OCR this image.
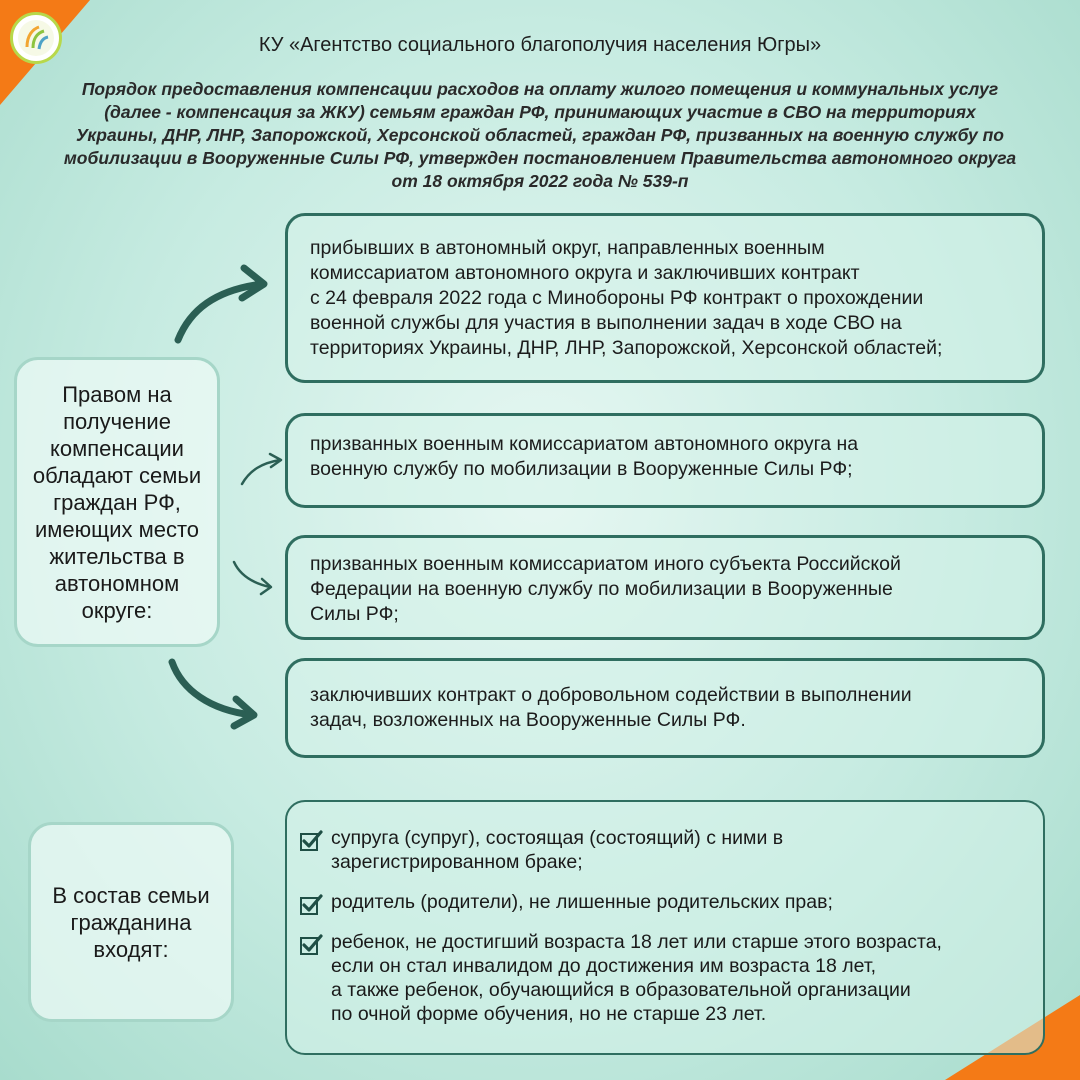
КУ «Агентство социального благополучия населения Югры»
Порядок предоставления компенсации расходов на оплату жилого помещения и коммунальных услуг
(далее - компенсация за ЖКУ) семьям граждан РФ, принимающих участие в СВО на территориях
Украины, ДНР, ЛНР, Запорожской, Херсонской областей, граждан РФ, призванных на военную службу по
мобилизации в Вооруженные Силы РФ, утвержден постановлением Правительства автономного округа
от 18 октября 2022 года № 539-п
Правом на
получение
компенсации
обладают семьи
граждан РФ,
имеющих место
жительства в
автономном
округе:
прибывших в автономный округ, направленных военным
комиссариатом автономного округа и заключивших контракт
с 24 февраля 2022 года с Минобороны РФ контракт о прохождении
военной службы для участия в выполнении задач в ходе СВО на
территориях Украины, ДНР, ЛНР, Запорожской, Херсонской областей;
призванных военным комиссариатом автономного округа на
военную службу по мобилизации в Вооруженные Силы РФ;
призванных военным комиссариатом иного субъекта Российской
Федерации на военную службу по мобилизации в Вооруженные
Силы РФ;
заключивших контракт о добровольном содействии в выполнении
задач, возложенных на Вооруженные Силы РФ.
В состав семьи
гражданина
входят:
супруга (супруг), состоящая (состоящий) с ними в
зарегистрированном браке;
родитель (родители), не лишенные родительских прав;
ребенок, не достигший возраста 18 лет или старше этого возраста,
если он стал инвалидом до достижения им возраста 18 лет,
а также ребенок, обучающийся в образовательной организации
по очной форме обучения, но не старше 23 лет.
